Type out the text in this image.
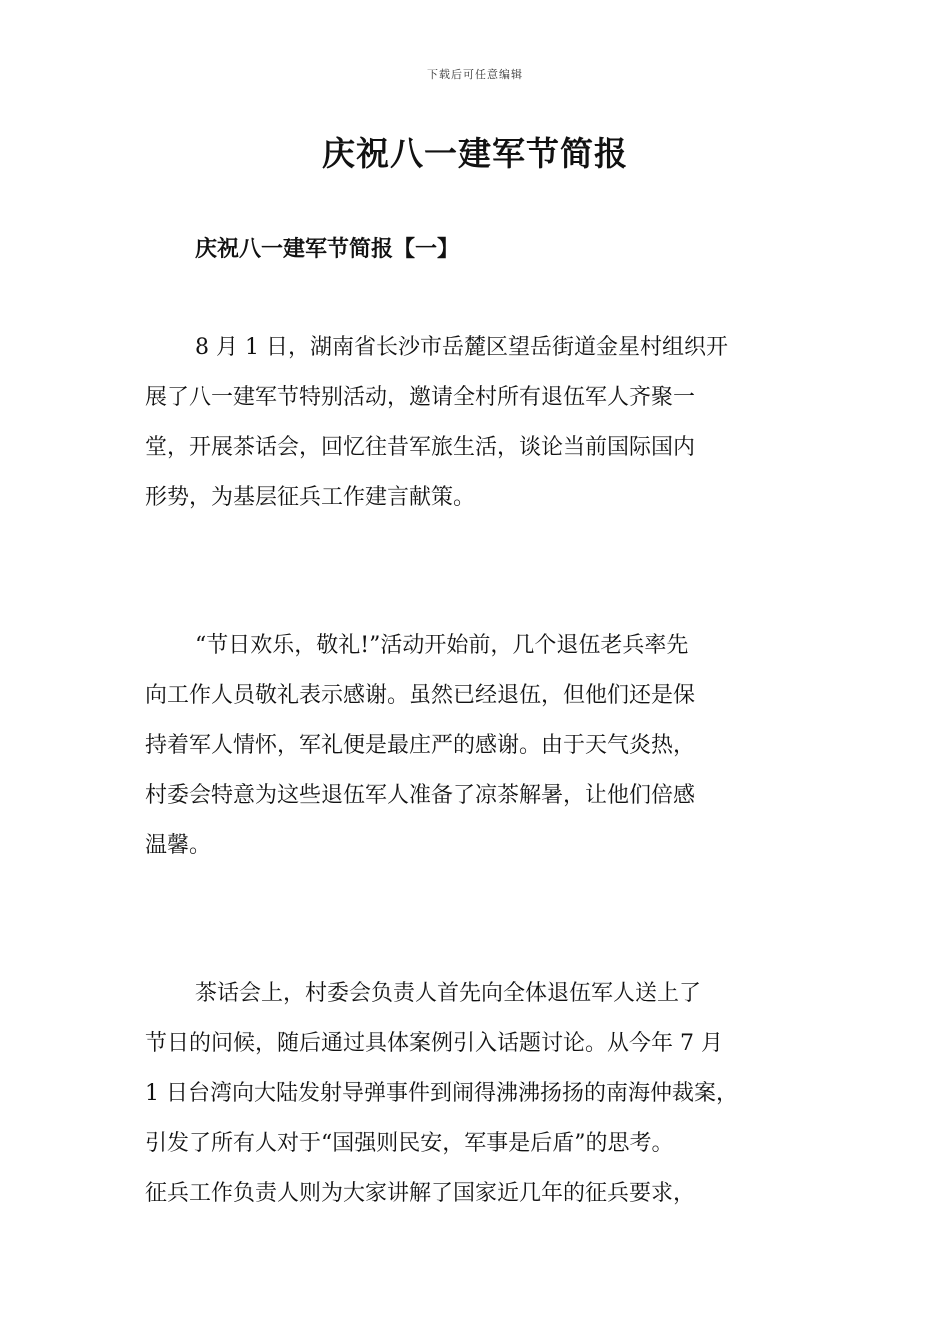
下载后可任意编辑
庆祝八一建军节简报
庆祝八一建军节简报【一】
8 月 1 日，湖南省长沙市岳麓区望岳街道金星村组织开
展了八一建军节特别活动，邀请全村所有退伍军人齐聚一
堂，开展茶话会，回忆往昔军旅生活，谈论当前国际国内
形势，为基层征兵工作建言献策。
“节日欢乐，敬礼!”活动开始前，几个退伍老兵率先
向工作人员敬礼表示感谢。虽然已经退伍，但他们还是保
持着军人情怀，军礼便是最庄严的感谢。由于天气炎热，
村委会特意为这些退伍军人准备了凉茶解暑，让他们倍感
温馨。
茶话会上，村委会负责人首先向全体退伍军人送上了
节日的问候，随后通过具体案例引入话题讨论。从今年 7 月
1 日台湾向大陆发射导弹事件到闹得沸沸扬扬的南海仲裁案，
引发了所有人对于“国强则民安，军事是后盾”的思考。
征兵工作负责人则为大家讲解了国家近几年的征兵要求，
